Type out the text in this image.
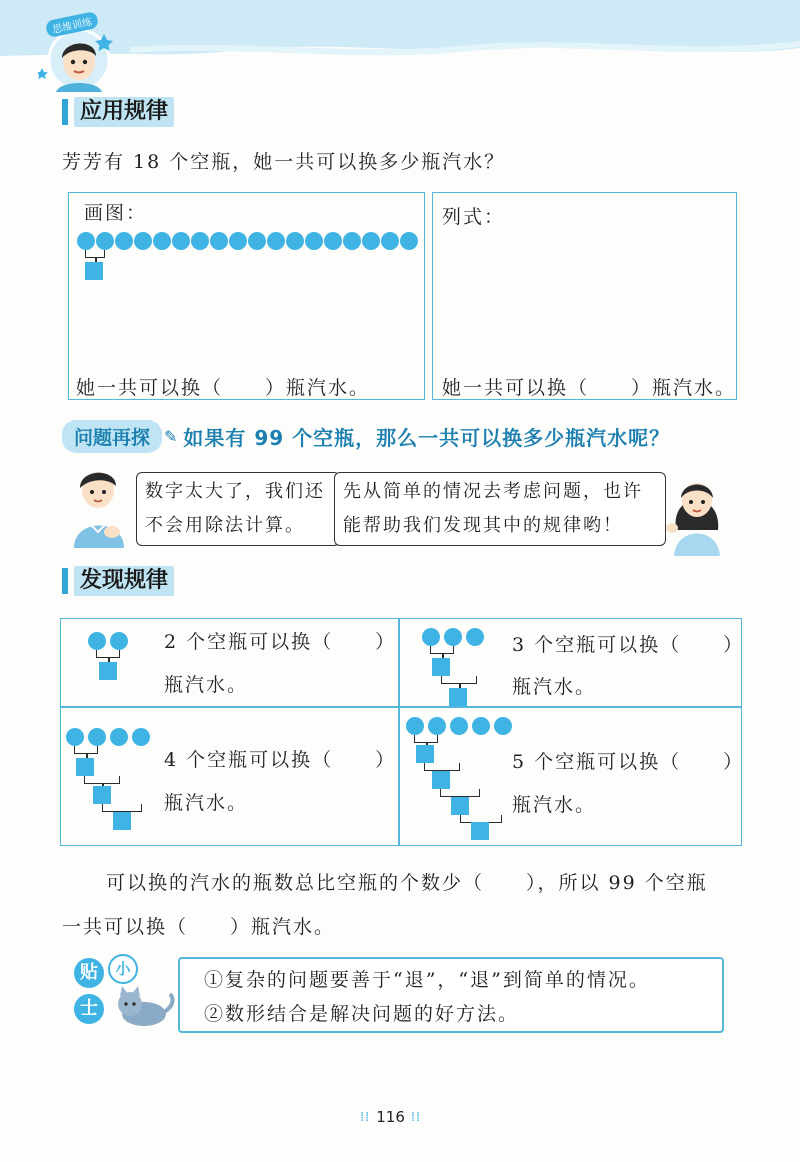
思维训练
应用规律
芳芳有 18 个空瓶，她一共可以换多少瓶汽水？
画图：	列式：
她一共可以换（　　）瓶汽水。	她一共可以换（　　）瓶汽水。
问题再探 ✎ 如果有 99 个空瓶，那么一共可以换多少瓶汽水呢？
数字太大了，我们还
不会用除法计算。
先从简单的情况去考虑问题，也许
能帮助我们发现其中的规律哟！
发现规律
2 个空瓶可以换（　　）
瓶汽水。
3 个空瓶可以换（　　）
瓶汽水。
4 个空瓶可以换（　　）
瓶汽水。
5 个空瓶可以换（　　）
瓶汽水。
可以换的汽水的瓶数总比空瓶的个数少（　　），所以 99 个空瓶
一共可以换（　　）瓶汽水。
贴	小
士
①复杂的问题要善于“退”，“退”到简单的情况。
②数形结合是解决问题的好方法。
⁞⁞ 116 ⁞⁞
